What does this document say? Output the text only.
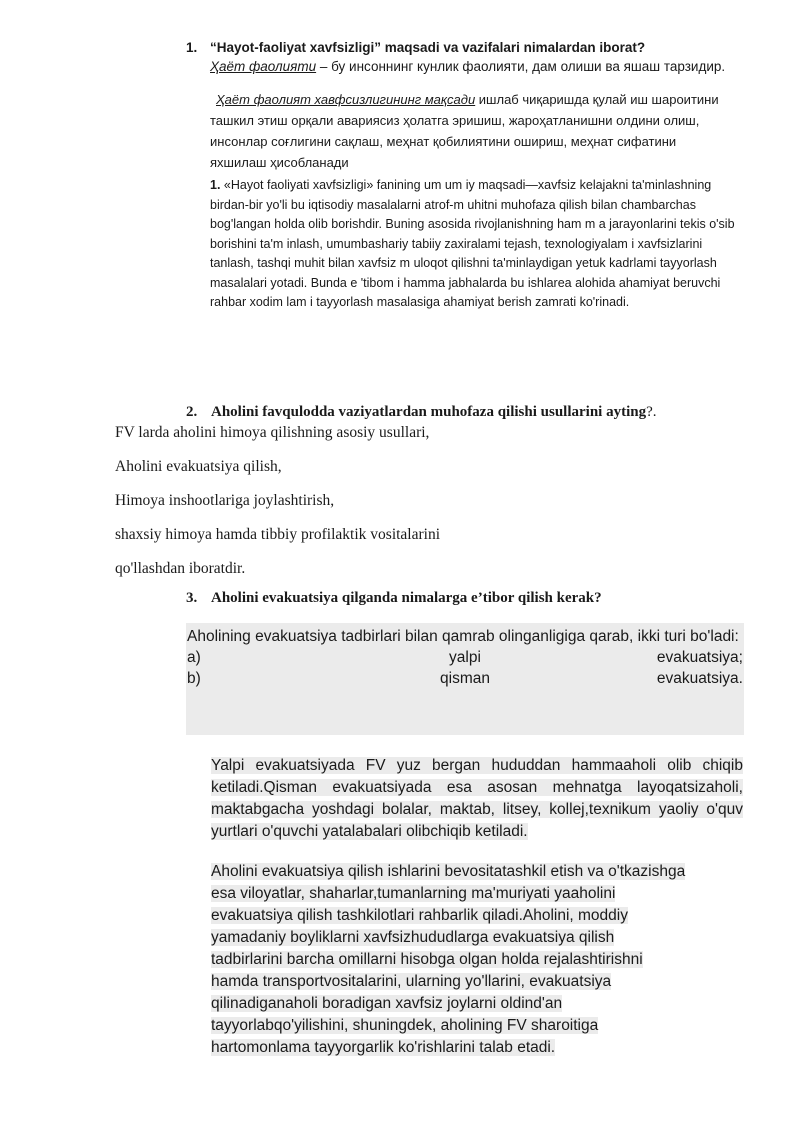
1. “Hayot-faoliyat xavfsizligi” maqsadi va vazifalari nimalardan iborat?
Ҳаёт фаолияти – бу инсоннинг кунлик фаолияти, дам олиши ва яшаш тарзидир.
Ҳаёт фаолият хавфсизлигининг мақсади ишлаб чиқаришда қулай иш шароитини ташкил этиш орқали авариясиз ҳолатга эришиш, жароҳатланишни олдини олиш, инсонлар соғлигини сақлаш, меҳнат қобилиятини ошириш, меҳнат сифатини яхшилаш ҳисобланади
1. «Hayot faoliyati xavfsizligi» fanining um um iy maqsadi—xavfsiz kelajakni ta'minlashning birdan-bir yo'li bu iqtisodiy masalalarni atrof-m uhitni muhofaza qilish bilan chambarchas bog'langan holda olib borishdir. Buning asosida rivojlanishning ham m a jarayonlarini tekis o'sib borishini ta'm inlash, umumbashariy tabiiy zaxiralami tejash, texnologiyalam i xavfsizlarini tanlash, tashqi muhit bilan xavfsiz m uloqot qilishni ta'minlaydigan yetuk kadrlami tayyorlash masalalari yotadi. Bunda e 'tibom i hamma jabhalarda bu ishlarea alohida ahamiyat beruvchi rahbar xodim lam i tayyorlash masalasiga ahamiyat berish zamrati ko'rinadi.
2. Aholini favqulodda vaziyatlardan muhofaza qilishi usullarini ayting?.
FV larda aholini himoya qilishning asosiy usullari,
Aholini evakuatsiya qilish,
Himoya inshootlariga joylashtirish,
shaxsiy himoya hamda tibbiy profilaktik vositalarini
qo'llashdan iboratdir.
3. Aholini evakuatsiya qilganda nimalarga e’tibor qilish kerak?
Aholining evakuatsiya tadbirlari bilan qamrab olinganligiga qarab, ikki turi bo'ladi:
a)	yalpi	evakuatsiya;
b)	qisman	evakuatsiya.
Yalpi evakuatsiyada FV yuz bergan hududdan hammaaholi olib chiqib ketiladi.Qisman evakuatsiyada esa asosan mehnatga layoqatsizaholi, maktabgacha yoshdagi bolalar, maktab, litsey, kollej,texnikum yaoliy o'quv yurtlari o'quvchi yatalabalari olibchiqib ketiladi.
Aholini evakuatsiya qilish ishlarini bevositatashkil etish va o'tkazishga
esa viloyatlar, shaharlar,tumanlarning ma'muriyati yaaholini
evakuatsiya qilish tashkilotlari rahbarlik qiladi.Aholini, moddiy
yamadaniy boyliklarni xavfsizhududlarga evakuatsiya qilish
tadbirlarini barcha omillarni hisobga olgan holda rejalashtirishni
hamda transportvositalarini, ularning yo'llarini, evakuatsiya
qilinadiganaholi boradigan xavfsiz joylarni oldind'an
tayyorlabqo'yilishini, shuningdek, aholining FV sharoitiga
hartomonlama tayyorgarlik ko'rishlarini talab etadi.
